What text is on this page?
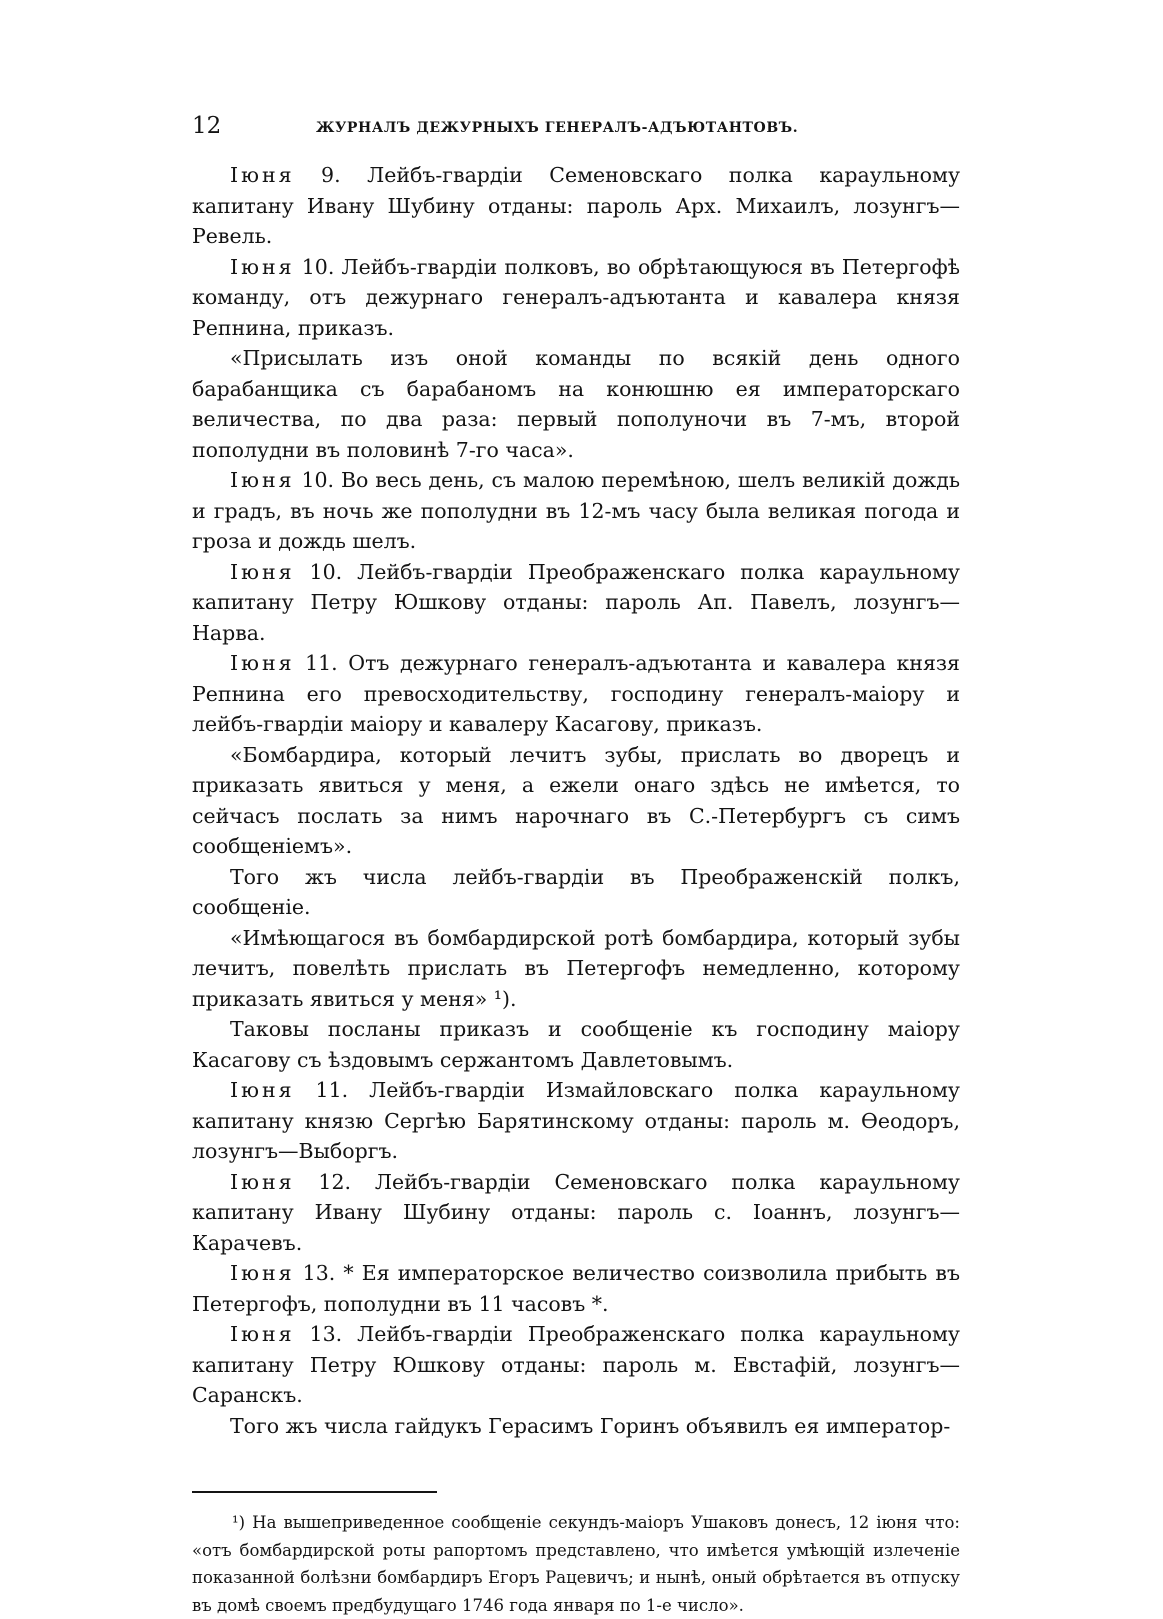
12	ЖУРНАЛЪ ДЕЖУРНЫХЪ ГЕНЕРАЛЪ-АДЪЮТАНТОВЪ.

Іюня 9. Лейбъ-гвардіи Семеновскаго полка караульному капитану Ивану Шубину отданы: пароль Арх. Михаилъ, лозунгъ—Ревель.

Іюня 10. Лейбъ-гвардіи полковъ, во обрѣтающуюся въ Петергофѣ команду, отъ дежурнаго генералъ-адъютанта и кавалера князя Репнина, приказъ.

«Присылать изъ оной команды по всякій день одного барабанщика съ барабаномъ на конюшню ея императорскаго величества, по два раза: первый пополуночи въ 7-мъ, второй пополудни въ половинѣ 7-го часа».

Іюня 10. Во весь день, съ малою перемѣною, шелъ великій дождь и градъ, въ ночь же пополудни въ 12-мъ часу была великая погода и гроза и дождь шелъ.

Іюня 10. Лейбъ-гвардіи Преображенскаго полка караульному капитану Петру Юшкову отданы: пароль Ап. Павелъ, лозунгъ—Нарва.

Іюня 11. Отъ дежурнаго генералъ-адъютанта и кавалера князя Репнина его превосходительству, господину генералъ-маіору и лейбъ-гвардіи маіору и кавалеру Касагову, приказъ.

«Бомбардира, который лечитъ зубы, прислать во дворецъ и приказать явиться у меня, а ежели онаго здѣсь не имѣется, то сейчасъ послать за нимъ нарочнаго въ С.-Петербургъ съ симъ сообщеніемъ».

Того жъ числа лейбъ-гвардіи въ Преображенскій полкъ, сообщеніе.

«Имѣющагося въ бомбардирской ротѣ бомбардира, который зубы лечитъ, повелѣть прислать въ Петергофъ немедленно, которому приказать явиться у меня» ¹).

Таковы посланы приказъ и сообщеніе къ господину маіору Касагову съ ѣздовымъ сержантомъ Давлетовымъ.

Іюня 11. Лейбъ-гвардіи Измайловскаго полка караульному капитану князю Сергѣю Барятинскому отданы: пароль м. Ѳеодоръ, лозунгъ—Выборгъ.

Іюня 12. Лейбъ-гвардіи Семеновскаго полка караульному капитану Ивану Шубину отданы: пароль с. Іоаннъ, лозунгъ—Карачевъ.

Іюня 13. * Ея императорское величество соизволила прибыть въ Петергофъ, пополудни въ 11 часовъ *.

Іюня 13. Лейбъ-гвардіи Преображенскаго полка караульному капитану Петру Юшкову отданы: пароль м. Евстафій, лозунгъ—Саранскъ.

Того жъ числа гайдукъ Герасимъ Горинъ объявилъ ея император-

¹) На вышеприведенное сообщеніе секундъ-маіоръ Ушаковъ донесъ, 12 іюня что: «отъ бомбардирской роты рапортомъ представлено, что имѣется умѣющій излеченіе показанной болѣзни бомбардиръ Егоръ Рацевичъ; и нынѣ, оный обрѣтается въ отпуску въ домѣ своемъ предбудущаго 1746 года января по 1-е число».
